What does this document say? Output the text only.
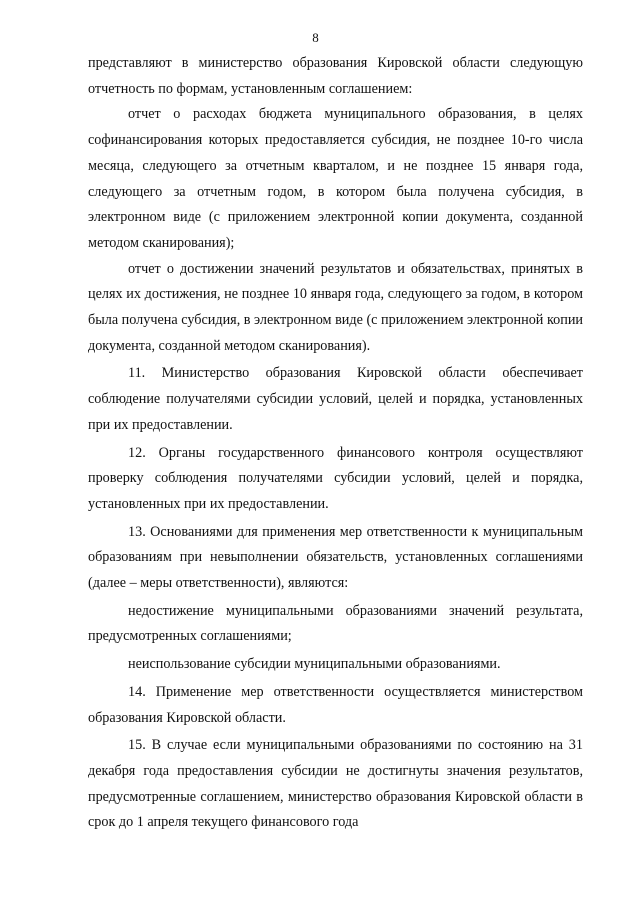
8

представляют в министерство образования Кировской области следующую отчетность по формам, установленным соглашением:

отчет о расходах бюджета муниципального образования, в целях софинансирования которых предоставляется субсидия, не позднее 10-го числа месяца, следующего за отчетным кварталом, и не позднее 15 января года, следующего за отчетным годом, в котором была получена субсидия, в электронном виде (с приложением электронной копии документа, созданной методом сканирования);

отчет о достижении значений результатов и обязательствах, принятых в целях их достижения, не позднее 10 января года, следующего за годом, в котором была получена субсидия, в электронном виде (с приложением электронной копии документа, созданной методом сканирования).

11. Министерство образования Кировской области обеспечивает соблюдение получателями субсидии условий, целей и порядка, установленных при их предоставлении.

12. Органы государственного финансового контроля осуществляют проверку соблюдения получателями субсидии условий, целей и порядка, установленных при их предоставлении.

13. Основаниями для применения мер ответственности к муниципальным образованиям при невыполнении обязательств, установленных соглашениями (далее – меры ответственности), являются:

недостижение муниципальными образованиями значений результата, предусмотренных соглашениями;

неиспользование субсидии муниципальными образованиями.

14. Применение мер ответственности осуществляется министерством образования Кировской области.

15. В случае если муниципальными образованиями по состоянию на 31 декабря года предоставления субсидии не достигнуты значения результатов, предусмотренные соглашением, министерство образования Кировской области в срок до 1 апреля текущего финансового года
